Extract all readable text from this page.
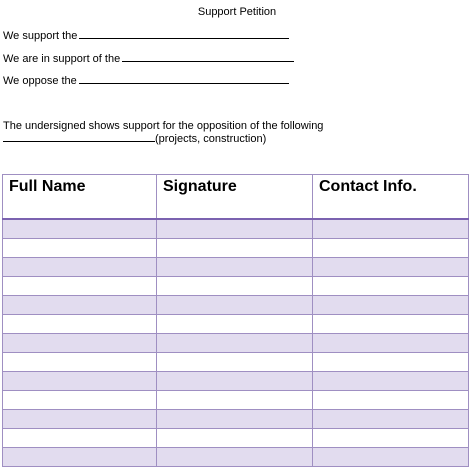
Support Petition
We support the
We are in support of the
We oppose the
The undersigned shows support for the opposition of the following
(projects, construction)
Full Name	Signature	Contact Info.
